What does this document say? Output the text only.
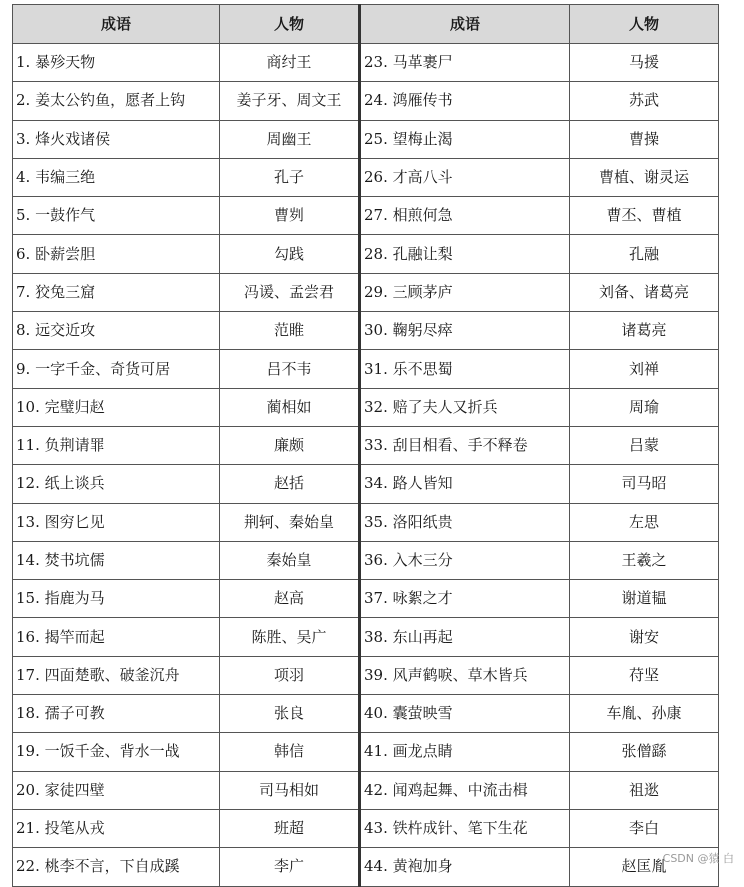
成语	人物	成语	人物
1. 暴殄天物	商纣王	23. 马革裹尸	马援
2. 姜太公钓鱼，愿者上钩	姜子牙、周文王	24. 鸿雁传书	苏武
3. 烽火戏诸侯	周幽王	25. 望梅止渴	曹操
4. 韦编三绝	孔子	26. 才高八斗	曹植、谢灵运
5. 一鼓作气	曹刿	27. 相煎何急	曹丕、曹植
6. 卧薪尝胆	勾践	28. 孔融让梨	孔融
7. 狡兔三窟	冯谖、孟尝君	29. 三顾茅庐	刘备、诸葛亮
8. 远交近攻	范睢	30. 鞠躬尽瘁	诸葛亮
9. 一字千金、奇货可居	吕不韦	31. 乐不思蜀	刘禅
10. 完璧归赵	蔺相如	32. 赔了夫人又折兵	周瑜
11. 负荆请罪	廉颇	33. 刮目相看、手不释卷	吕蒙
12. 纸上谈兵	赵括	34. 路人皆知	司马昭
13. 图穷匕见	荆轲、秦始皇	35. 洛阳纸贵	左思
14. 焚书坑儒	秦始皇	36. 入木三分	王羲之
15. 指鹿为马	赵高	37. 咏絮之才	谢道韫
16. 揭竿而起	陈胜、吴广	38. 东山再起	谢安
17. 四面楚歌、破釜沉舟	项羽	39. 风声鹤唳、草木皆兵	苻坚
18. 孺子可教	张良	40. 囊萤映雪	车胤、孙康
19. 一饭千金、背水一战	韩信	41. 画龙点睛	张僧繇
20. 家徒四壁	司马相如	42. 闻鸡起舞、中流击楫	祖逖
21. 投笔从戎	班超	43. 铁杵成针、笔下生花	李白
22. 桃李不言，下自成蹊	李广	44. 黄袍加身	赵匡胤
CSDN @猿 白
